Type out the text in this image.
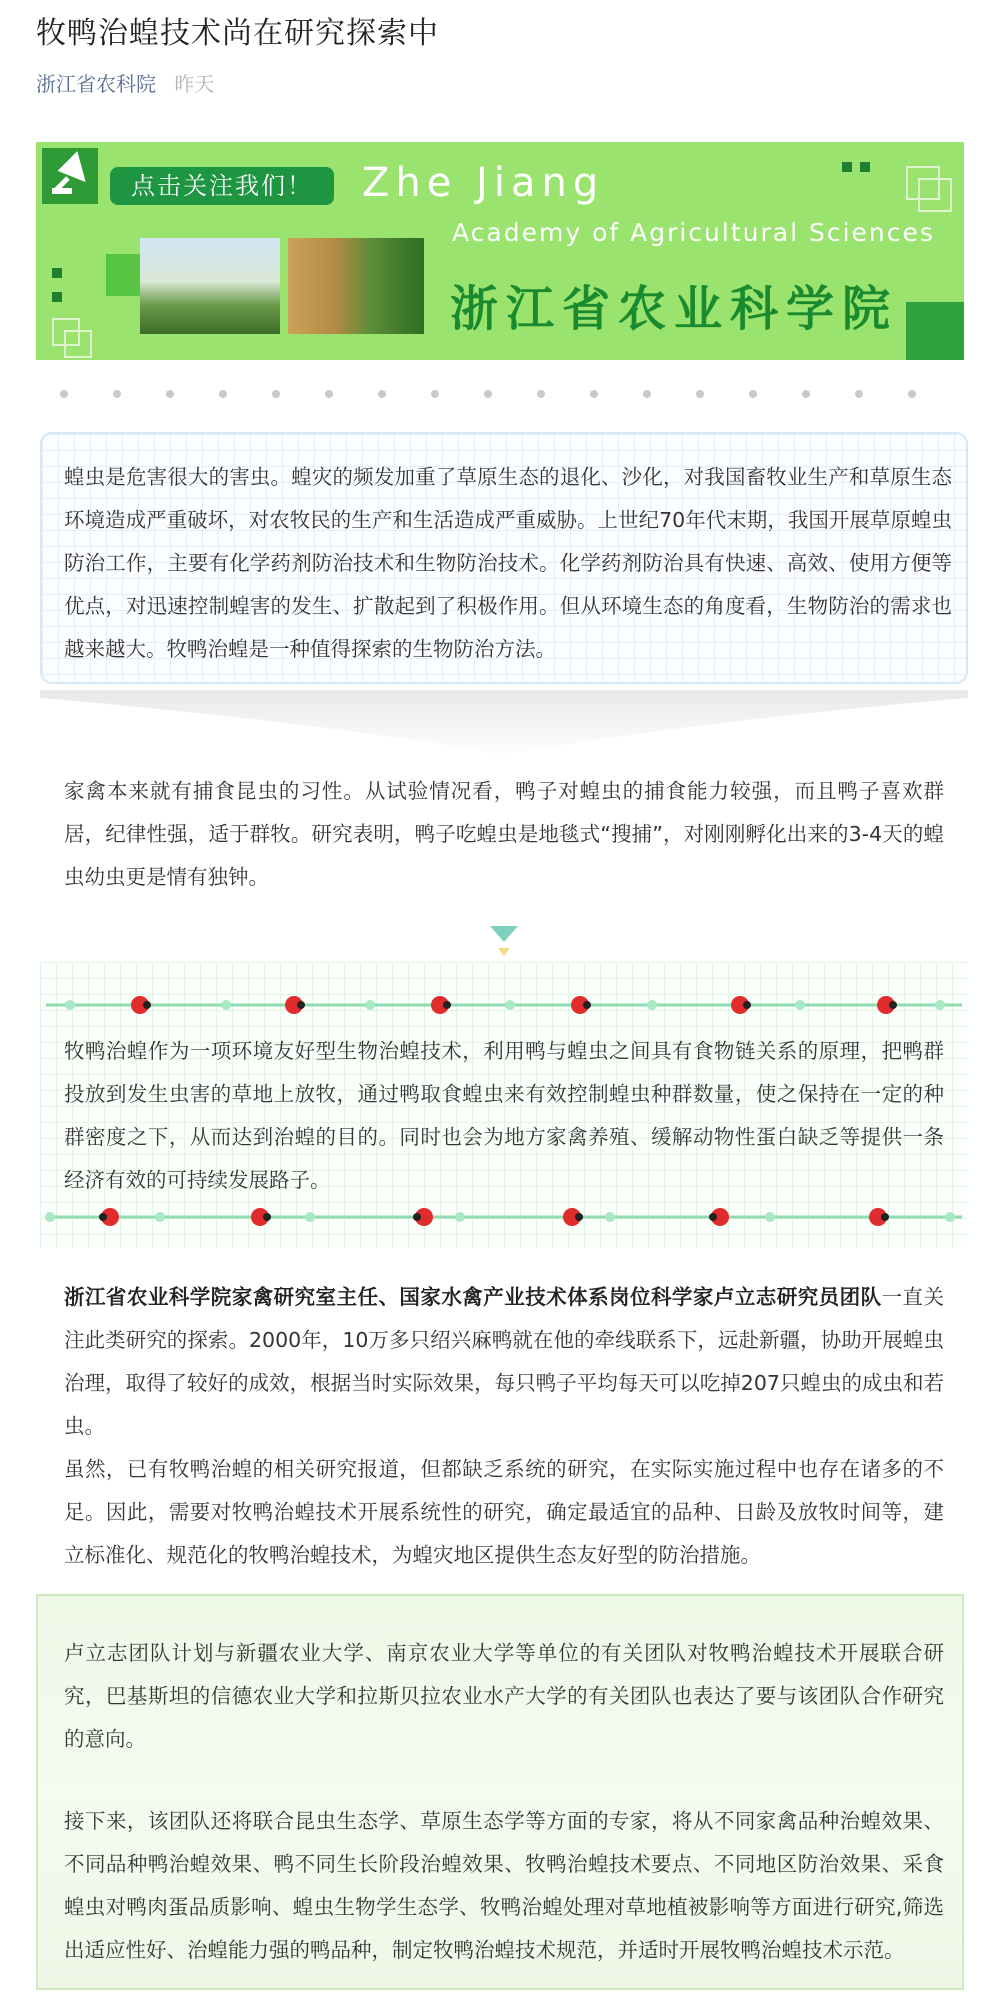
牧鸭治蝗技术尚在研究探索中
浙江省农科院 昨天
点击关注我们！	Zhe Jiang
Academy of Agricultural Sciences
浙江省农业科学院

蝗虫是危害很大的害虫。蝗灾的频发加重了草原生态的退化、沙化，对我国畜牧业生产和草原生态环境造成严重破坏，对农牧民的生产和生活造成严重威胁。上世纪70年代末期，我国开展草原蝗虫防治工作，主要有化学药剂防治技术和生物防治技术。化学药剂防治具有快速、高效、使用方便等优点，对迅速控制蝗害的发生、扩散起到了积极作用。但从环境生态的角度看，生物防治的需求也越来越大。牧鸭治蝗是一种值得探索的生物防治方法。

家禽本来就有捕食昆虫的习性。从试验情况看，鸭子对蝗虫的捕食能力较强，而且鸭子喜欢群居，纪律性强，适于群牧。研究表明，鸭子吃蝗虫是地毯式“搜捕”，对刚刚孵化出来的3-4天的蝗虫幼虫更是情有独钟。

牧鸭治蝗作为一项环境友好型生物治蝗技术，利用鸭与蝗虫之间具有食物链关系的原理，把鸭群投放到发生虫害的草地上放牧，通过鸭取食蝗虫来有效控制蝗虫种群数量，使之保持在一定的种群密度之下，从而达到治蝗的目的。同时也会为地方家禽养殖、缓解动物性蛋白缺乏等提供一条经济有效的可持续发展路子。

浙江省农业科学院家禽研究室主任、国家水禽产业技术体系岗位科学家卢立志研究员团队一直关注此类研究的探索。2000年，10万多只绍兴麻鸭就在他的牵线联系下，远赴新疆，协助开展蝗虫治理，取得了较好的成效，根据当时实际效果，每只鸭子平均每天可以吃掉207只蝗虫的成虫和若虫。

虽然，已有牧鸭治蝗的相关研究报道，但都缺乏系统的研究，在实际实施过程中也存在诸多的不足。因此，需要对牧鸭治蝗技术开展系统性的研究，确定最适宜的品种、日龄及放牧时间等，建立标准化、规范化的牧鸭治蝗技术，为蝗灾地区提供生态友好型的防治措施。

卢立志团队计划与新疆农业大学、南京农业大学等单位的有关团队对牧鸭治蝗技术开展联合研究，巴基斯坦的信德农业大学和拉斯贝拉农业水产大学的有关团队也表达了要与该团队合作研究的意向。

接下来，该团队还将联合昆虫生态学、草原生态学等方面的专家，将从不同家禽品种治蝗效果、不同品种鸭治蝗效果、鸭不同生长阶段治蝗效果、牧鸭治蝗技术要点、不同地区防治效果、采食蝗虫对鸭肉蛋品质影响、蝗虫生物学生态学、牧鸭治蝗处理对草地植被影响等方面进行研究,筛选出适应性好、治蝗能力强的鸭品种，制定牧鸭治蝗技术规范，并适时开展牧鸭治蝗技术示范。
